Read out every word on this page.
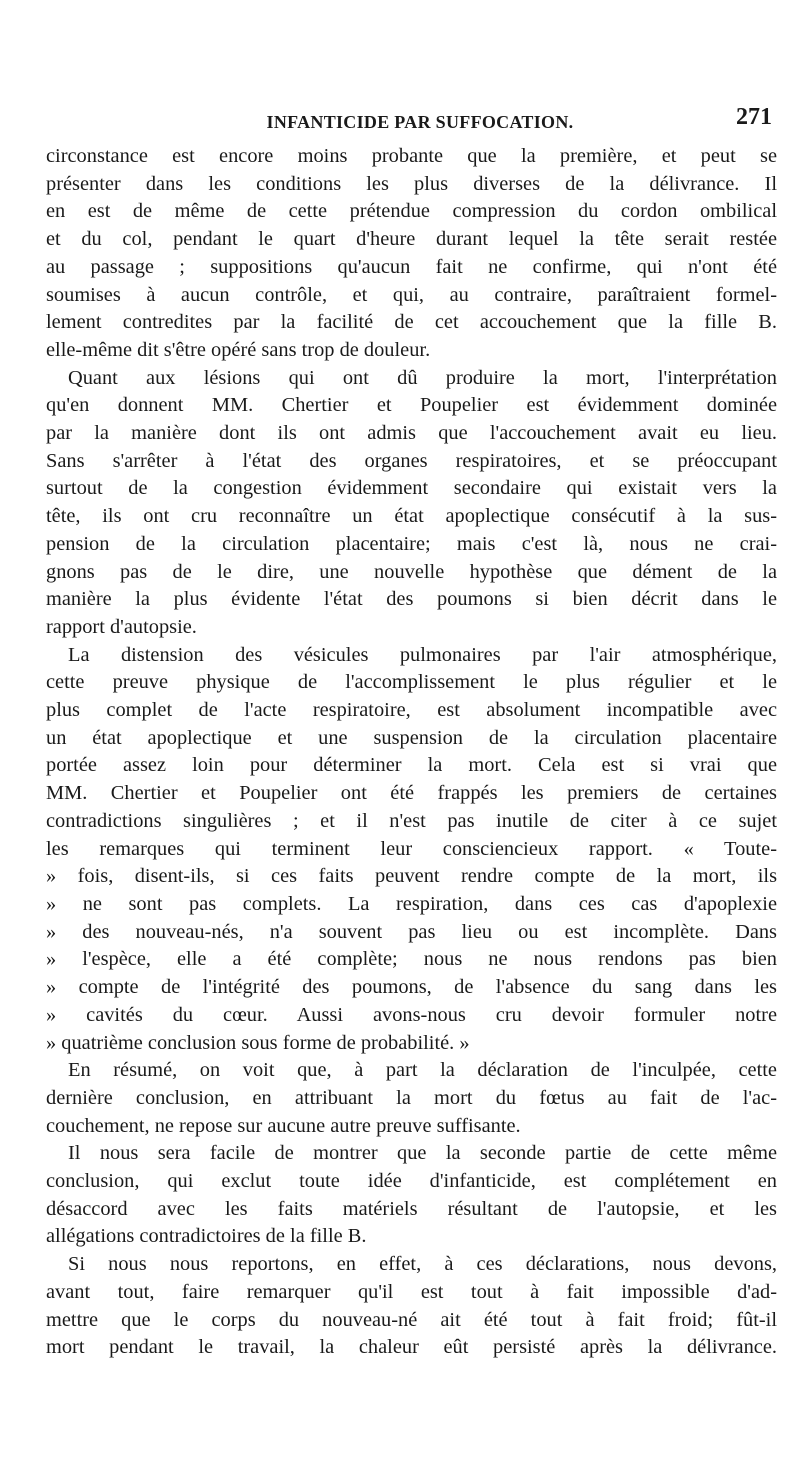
INFANTICIDE PAR SUFFOCATION.	271
circonstance est encore moins probante que la première, et peut se
présenter dans les conditions les plus diverses de la délivrance. Il
en est de même de cette prétendue compression du cordon ombilical
et du col, pendant le quart d'heure durant lequel la tête serait restée
au passage ; suppositions qu'aucun fait ne confirme, qui n'ont été
soumises à aucun contrôle, et qui, au contraire, paraîtraient formel-
lement contredites par la facilité de cet accouchement que la fille B.
elle-même dit s'être opéré sans trop de douleur.
Quant aux lésions qui ont dû produire la mort, l'interprétation
qu'en donnent MM. Chertier et Poupelier est évidemment dominée
par la manière dont ils ont admis que l'accouchement avait eu lieu.
Sans s'arrêter à l'état des organes respiratoires, et se préoccupant
surtout de la congestion évidemment secondaire qui existait vers la
tête, ils ont cru reconnaître un état apoplectique consécutif à la sus-
pension de la circulation placentaire; mais c'est là, nous ne crai-
gnons pas de le dire, une nouvelle hypothèse que dément de la
manière la plus évidente l'état des poumons si bien décrit dans le
rapport d'autopsie.
La distension des vésicules pulmonaires par l'air atmosphérique,
cette preuve physique de l'accomplissement le plus régulier et le
plus complet de l'acte respiratoire, est absolument incompatible avec
un état apoplectique et une suspension de la circulation placentaire
portée assez loin pour déterminer la mort. Cela est si vrai que
MM. Chertier et Poupelier ont été frappés les premiers de certaines
contradictions singulières ; et il n'est pas inutile de citer à ce sujet
les remarques qui terminent leur consciencieux rapport. « Toute-
» fois, disent-ils, si ces faits peuvent rendre compte de la mort, ils
» ne sont pas complets. La respiration, dans ces cas d'apoplexie
» des nouveau-nés, n'a souvent pas lieu ou est incomplète. Dans
» l'espèce, elle a été complète; nous ne nous rendons pas bien
» compte de l'intégrité des poumons, de l'absence du sang dans les
» cavités du cœur. Aussi avons-nous cru devoir formuler notre
» quatrième conclusion sous forme de probabilité. »
En résumé, on voit que, à part la déclaration de l'inculpée, cette
dernière conclusion, en attribuant la mort du fœtus au fait de l'ac-
couchement, ne repose sur aucune autre preuve suffisante.
Il nous sera facile de montrer que la seconde partie de cette même
conclusion, qui exclut toute idée d'infanticide, est complétement en
désaccord avec les faits matériels résultant de l'autopsie, et les
allégations contradictoires de la fille B.
Si nous nous reportons, en effet, à ces déclarations, nous devons,
avant tout, faire remarquer qu'il est tout à fait impossible d'ad-
mettre que le corps du nouveau-né ait été tout à fait froid; fût-il
mort pendant le travail, la chaleur eût persisté après la délivrance.
